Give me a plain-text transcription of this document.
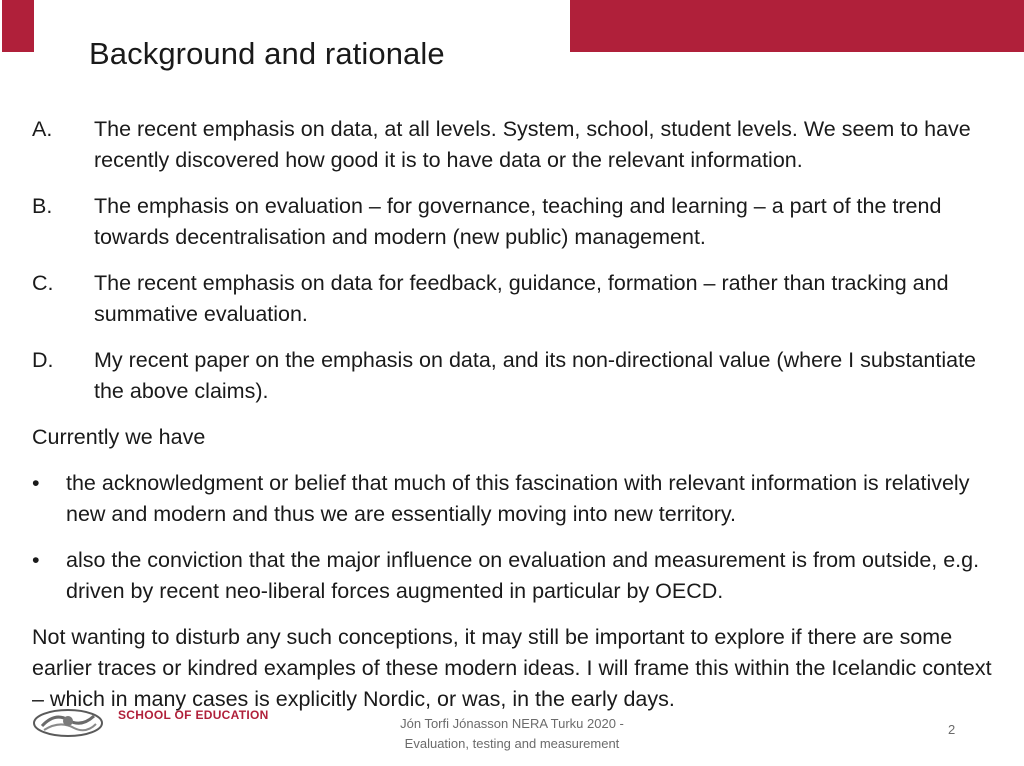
Background and rationale
A.	The recent emphasis on data, at all levels. System, school, student levels. We seem to have recently discovered how good it is to have data or the relevant information.
B.	The emphasis on evaluation – for governance, teaching and learning – a part of the trend towards decentralisation and modern (new public) management.
C.	The recent emphasis on data for feedback, guidance, formation – rather than tracking and summative evaluation.
D.	My recent paper on the emphasis on data, and its non-directional value (where I substantiate the above claims).
Currently we have
•	the acknowledgment or belief that much of this fascination with relevant information is relatively new and modern and thus we are essentially moving into new territory.
•	also the conviction that the major influence on evaluation and measurement is from outside, e.g. driven by recent neo-liberal forces augmented in particular by OECD.
Not wanting to disturb any such conceptions, it may still be important to explore if there are some earlier traces or kindred examples of these modern ideas. I will frame this within the Icelandic context – which in many cases is explicitly Nordic, or was, in the early days.
SCHOOL OF EDUCATION
Jón Torfi Jónasson NERA Turku 2020 -
Evaluation, testing and measurement
2
